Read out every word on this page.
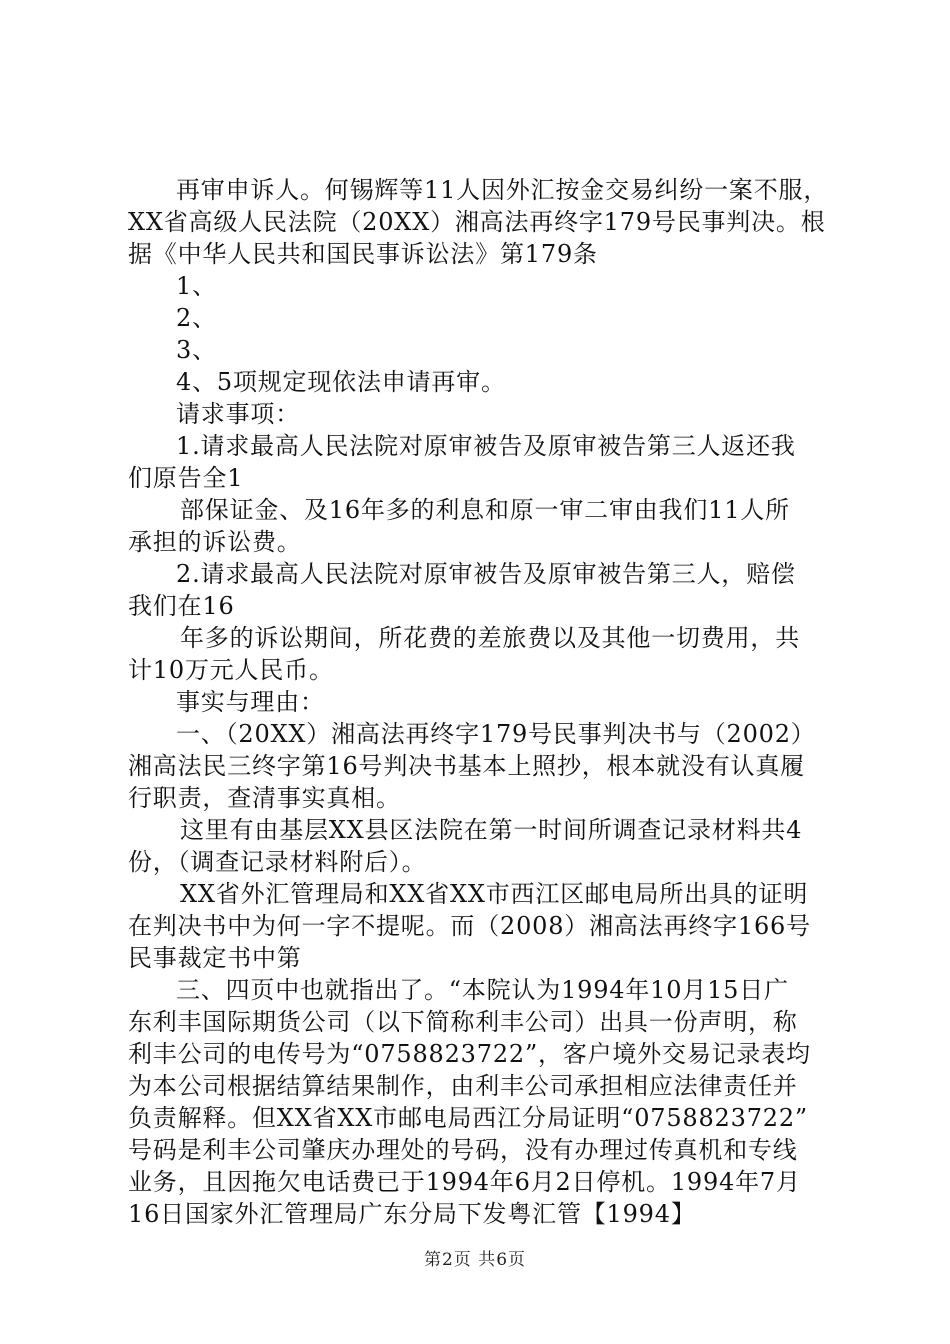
再审申诉人。何锡辉等11人因外汇按金交易纠纷一案不服，

XX省高级人民法院（20XX）湘高法再终字179号民事判决。根

据《中华人民共和国民事诉讼法》第179条

1、

2、

3、

4、5项规定现依法申请再审。

请求事项：

1.请求最高人民法院对原审被告及原审被告第三人返还我

们原告全1

部保证金、及16年多的利息和原一审二审由我们11人所

承担的诉讼费。

2.请求最高人民法院对原审被告及原审被告第三人，赔偿

我们在16

年多的诉讼期间，所花费的差旅费以及其他一切费用，共

计10万元人民币。

事实与理由：

一、（20XX）湘高法再终字179号民事判决书与（2002）

湘高法民三终字第16号判决书基本上照抄，根本就没有认真履

行职责，查清事实真相。

这里有由基层XX县区法院在第一时间所调查记录材料共4

份，（调查记录材料附后）。

XX省外汇管理局和XX省XX市西江区邮电局所出具的证明

在判决书中为何一字不提呢。而（2008）湘高法再终字166号

民事裁定书中第

三、四页中也就指出了。“本院认为1994年10月15日广

东利丰国际期货公司（以下简称利丰公司）出具一份声明，称

利丰公司的电传号为“0758823722”，客户境外交易记录表均

为本公司根据结算结果制作，由利丰公司承担相应法律责任并

负责解释。但XX省XX市邮电局西江分局证明“0758823722”

号码是利丰公司肇庆办理处的号码，没有办理过传真机和专线

业务，且因拖欠电话费已于1994年6月2日停机。1994年7月

16日国家外汇管理局广东分局下发粤汇管【1994】

第2页 共6页
